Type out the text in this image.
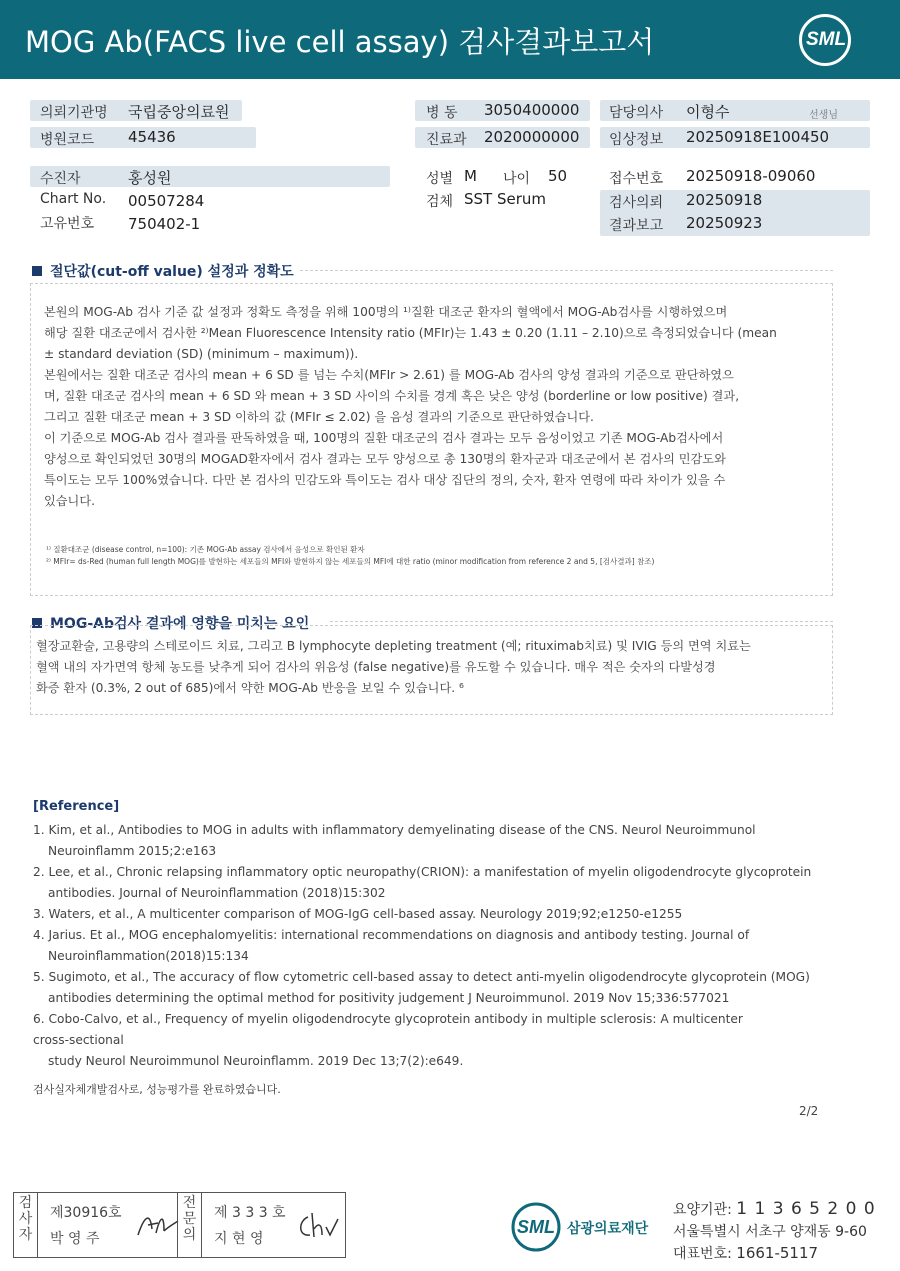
MOG Ab(FACS live cell assay) 검사결과보고서	SML
의뢰기관명 국립중앙의료원
병원코드 45436
병 동 3050400000
진료과 2020000000
담당의사 이형수	선생님
임상정보 20250918E100450
수진자	홍성원
Chart No. 00507284
고유번호 750402-1
성별 M 나이 50
검체 SST Serum
접수번호 20250918-09060
검사의뢰 20250918
결과보고 20250923
절단값(cut-off value) 설정과 정확도

본원의 MOG-Ab 검사 기준 값 설정과 정확도 측정을 위해 100명의 ¹⁾질환 대조군 환자의 혈액에서 MOG-Ab검사를 시행하였으며

해당 질환 대조군에서 검사한 ²⁾Mean Fluorescence Intensity ratio (MFIr)는 1.43 ± 0.20 (1.11 – 2.10)으로 측정되었습니다 (mean

± standard deviation (SD) (minimum – maximum)).

본원에서는 질환 대조군 검사의 mean + 6 SD 를 넘는 수치(MFIr > 2.61) 를 MOG-Ab 검사의 양성 결과의 기준으로 판단하였으

며, 질환 대조군 검사의 mean + 6 SD 와 mean + 3 SD 사이의 수치를 경계 혹은 낮은 양성 (borderline or low positive) 결과,

그리고 질환 대조군 mean + 3 SD 이하의 값 (MFIr ≤ 2.02) 을 음성 결과의 기준으로 판단하였습니다.

이 기준으로 MOG-Ab 검사 결과를 판독하였을 때, 100명의 질환 대조군의 검사 결과는 모두 음성이었고 기존 MOG-Ab검사에서

양성으로 확인되었던 30명의 MOGAD환자에서 검사 결과는 모두 양성으로 총 130명의 환자군과 대조군에서 본 검사의 민감도와

특이도는 모두 100%였습니다. 다만 본 검사의 민감도와 특이도는 검사 대상 집단의 정의, 숫자, 환자 연령에 따라 차이가 있을 수

있습니다.

¹⁾ 질환대조군 (disease control, n=100): 기존 MOG-Ab assay 검사에서 음성으로 확인된 환자
²⁾ MFIr= ds-Red (human full length MOG)를 발현하는 세포들의 MFI와 발현하지 않는 세포들의 MFI에 대한 ratio (minor modification from reference 2 and 5, [검사결과] 참조)
MOG-Ab검사 결과에 영향을 미치는 요인

혈장교환술, 고용량의 스테로이드 치료, 그리고 B lymphocyte depleting treatment (예; rituximab치료) 및 IVIG 등의 면역 치료는

혈액 내의 자가면역 항체 농도를 낮추게 되어 검사의 위음성 (false negative)를 유도할 수 있습니다. 매우 적은 숫자의 다발성경

화증 환자 (0.3%, 2 out of 685)에서 약한 MOG-Ab 반응을 보일 수 있습니다. ⁶

[Reference]
1. Kim, et al., Antibodies to MOG in adults with inflammatory demyelinating disease of the CNS. Neurol Neuroimmunol
Neuroinflamm 2015;2:e163
2. Lee, et al., Chronic relapsing inflammatory optic neuropathy(CRION): a manifestation of myelin oligodendrocyte glycoprotein
antibodies. Journal of Neuroinflammation (2018)15:302
3. Waters, et al., A multicenter comparison of MOG-IgG cell-based assay. Neurology 2019;92;e1250-e1255
4. Jarius. Et al., MOG encephalomyelitis: international recommendations on diagnosis and antibody testing. Journal of
Neuroinflammation(2018)15:134
5. Sugimoto, et al., The accuracy of flow cytometric cell-based assay to detect anti-myelin oligodendrocyte glycoprotein (MOG)
antibodies determining the optimal method for positivity judgement J Neuroimmunol. 2019 Nov 15;336:577021
6. Cobo-Calvo, et al., Frequency of myelin oligodendrocyte glycoprotein antibody in multiple sclerosis: A multicenter
cross-sectional
study Neurol Neuroimmunol Neuroinflamm. 2019 Dec 13;7(2):e649.
검사실자체개발검사로, 성능평가를 완료하였습니다.
2/2
검
사
자
제30916호
박 영 주
전
문
의
제 3 3 3 호
지 현 영
SML 삼광의료재단
요양기관: 1 1 3 6 5 2 0 0
서울특별시 서초구 양재동 9-60
대표번호: 1661-5117
